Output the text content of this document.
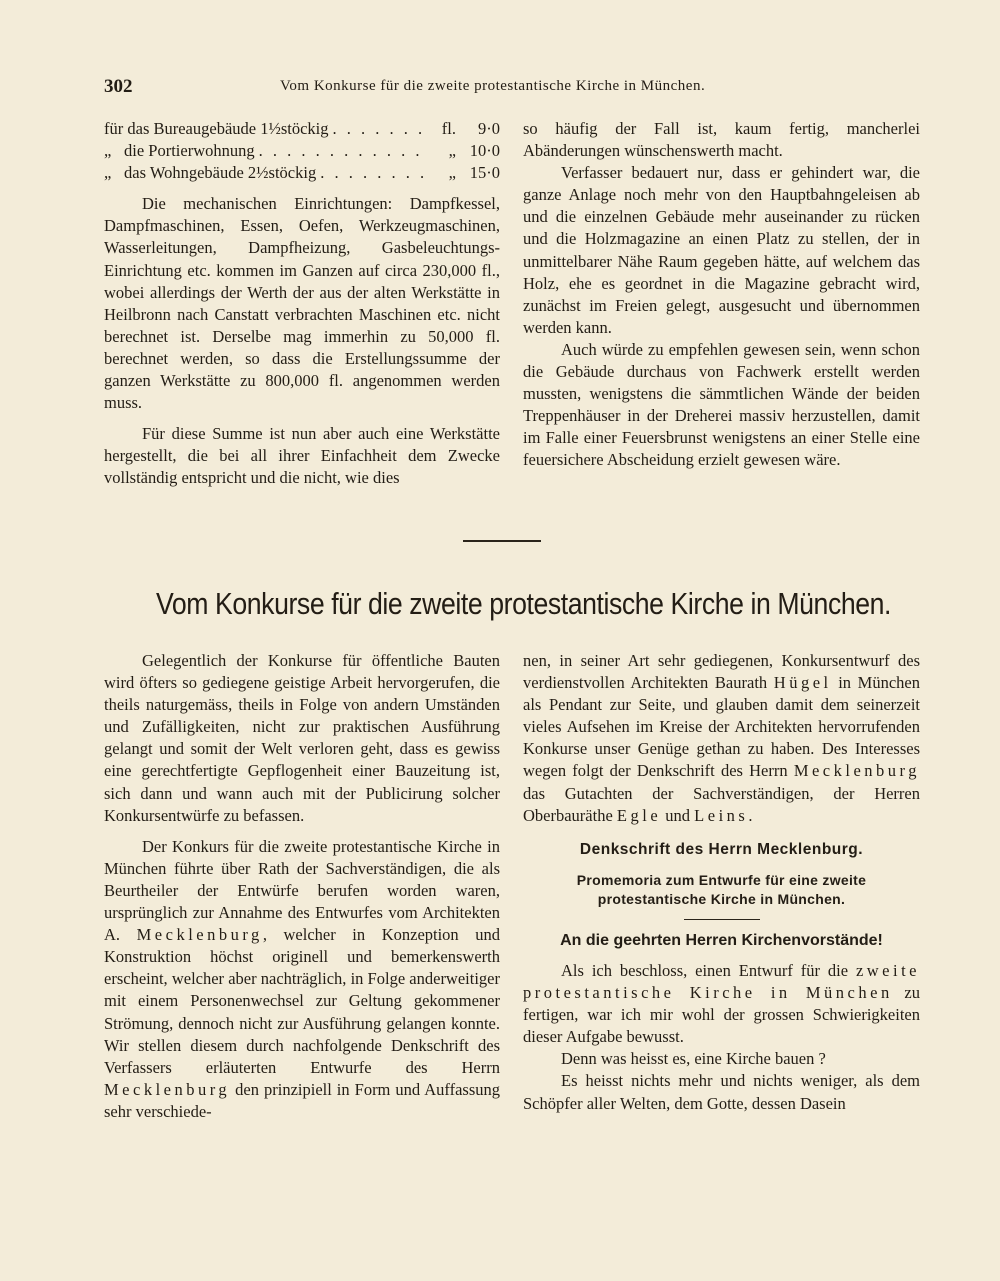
302	Vom Konkurse für die zweite protestantische Kirche in München.
für das Bureaugebäude 1½stöckig . . .	fl.	9·0
„ die Portierwohnung . . .	„ 10·0
„ das Wohngebäude 2½stöckig . . .	„ 15·0

Die mechanischen Einrichtungen: Dampfkessel, Dampfmaschinen, Essen, Oefen, Werkzeugmaschinen, Wasserleitungen, Dampfheizung, Gasbeleuchtungs-Einrichtung etc. kommen im Ganzen auf circa 230,000 fl., wobei allerdings der Werth der aus der alten Werkstätte in Heilbronn nach Canstatt verbrachten Maschinen etc. nicht berechnet ist. Derselbe mag immerhin zu 50,000 fl. berechnet werden, so dass die Erstellungssumme der ganzen Werkstätte zu 800,000 fl. angenommen werden muss.

Für diese Summe ist nun aber auch eine Werkstätte hergestellt, die bei all ihrer Einfachheit dem Zwecke vollständig entspricht und die nicht, wie dies

so häufig der Fall ist, kaum fertig, mancherlei Abänderungen wünschenswerth macht.

Verfasser bedauert nur, dass er gehindert war, die ganze Anlage noch mehr von den Hauptbahngeleisen ab und die einzelnen Gebäude mehr auseinander zu rücken und die Holzmagazine an einen Platz zu stellen, der in unmittelbarer Nähe Raum gegeben hätte, auf welchem das Holz, ehe es geordnet in die Magazine gebracht wird, zunächst im Freien gelegt, ausgesucht und übernommen werden kann.

Auch würde zu empfehlen gewesen sein, wenn schon die Gebäude durchaus von Fachwerk erstellt werden mussten, wenigstens die sämmtlichen Wände der beiden Treppenhäuser in der Dreherei massiv herzustellen, damit im Falle einer Feuersbrunst wenigstens an einer Stelle eine feuersichere Abscheidung erzielt gewesen wäre.

Vom Konkurse für die zweite protestantische Kirche in München.

Gelegentlich der Konkurse für öffentliche Bauten wird öfters so gediegene geistige Arbeit hervorgerufen, die theils naturgemäss, theils in Folge von andern Umständen und Zufälligkeiten, nicht zur praktischen Ausführung gelangt und somit der Welt verloren geht, dass es gewiss eine gerechtfertigte Gepflogenheit einer Bauzeitung ist, sich dann und wann auch mit der Publicirung solcher Konkursentwürfe zu befassen.

Der Konkurs für die zweite protestantische Kirche in München führte über Rath der Sachverständigen, die als Beurtheiler der Entwürfe berufen worden waren, ursprünglich zur Annahme des Entwurfes vom Architekten A. Mecklenburg, welcher in Konzeption und Konstruktion höchst originell und bemerkenswerth erscheint, welcher aber nachträglich, in Folge anderweitiger mit einem Personenwechsel zur Geltung gekommener Strömung, dennoch nicht zur Ausführung gelangen konnte. Wir stellen diesem durch nachfolgende Denkschrift des Verfassers erläuterten Entwurfe des Herrn Mecklenburg den prinzipiell in Form und Auffassung sehr verschiede-

nen, in seiner Art sehr gediegenen, Konkursentwurf des verdienstvollen Architekten Baurath Hügel in München als Pendant zur Seite, und glauben damit dem seinerzeit vieles Aufsehen im Kreise der Architekten hervorrufenden Konkurse unser Genüge gethan zu haben. Des Interesses wegen folgt der Denkschrift des Herrn Mecklenburg das Gutachten der Sachverständigen, der Herren Oberbauräthe Egle und Leins.

Denkschrift des Herrn Mecklenburg.
Promemoria zum Entwurfe für eine zweite protestantische Kirche in München.
An die geehrten Herren Kirchenvorstände!

Als ich beschloss, einen Entwurf für die zweite protestantische Kirche in München zu fertigen, war ich mir wohl der grossen Schwierigkeiten dieser Aufgabe bewusst.

Denn was heisst es, eine Kirche bauen ?

Es heisst nichts mehr und nichts weniger, als dem Schöpfer aller Welten, dem Gotte, dessen Dasein
